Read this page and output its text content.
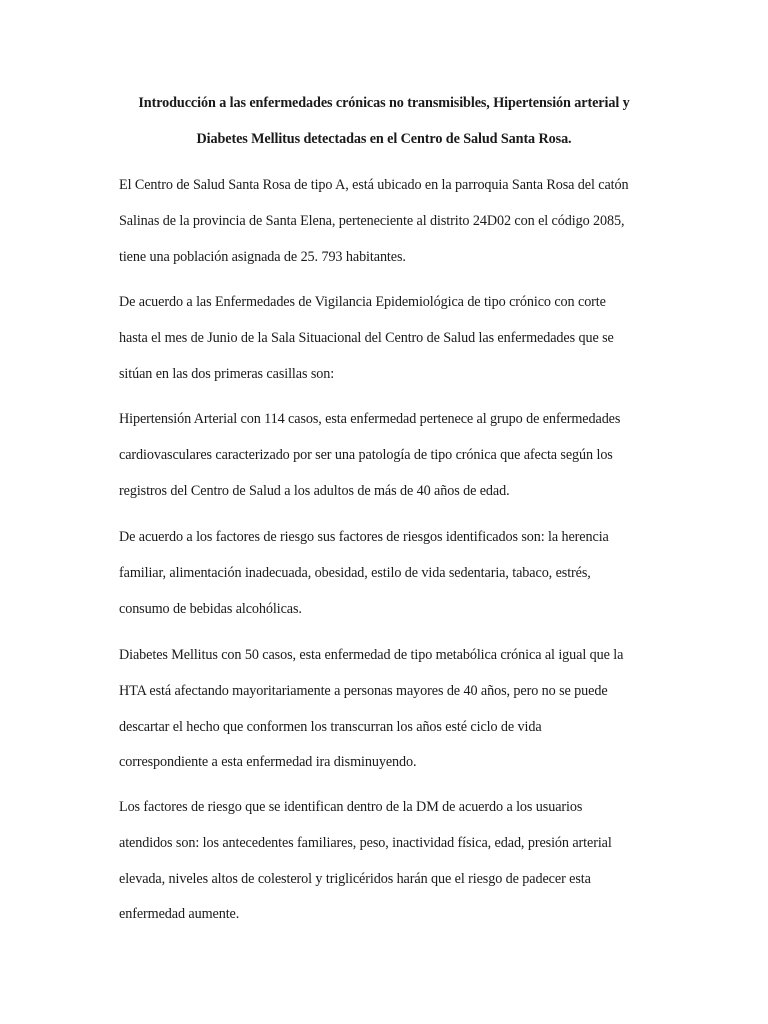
Introducción a las enfermedades crónicas no transmisibles, Hipertensión arterial y
Diabetes Mellitus detectadas en el Centro de Salud Santa Rosa.
El Centro de Salud Santa Rosa de tipo A, está ubicado en la parroquia Santa Rosa del catón
Salinas de la provincia de Santa Elena, perteneciente al distrito 24D02 con el código 2085,
tiene una población asignada de 25. 793 habitantes.
De acuerdo a las Enfermedades de Vigilancia Epidemiológica de tipo crónico con corte
hasta el mes de Junio de la Sala Situacional del Centro de Salud las enfermedades que se
sitúan en las dos primeras casillas son:
Hipertensión Arterial con 114 casos, esta enfermedad pertenece al grupo de enfermedades
cardiovasculares caracterizado por ser una patología de tipo crónica que afecta según los
registros del Centro de Salud a los adultos de más de 40 años de edad.
De acuerdo a los factores de riesgo sus factores de riesgos identificados son: la herencia
familiar, alimentación inadecuada, obesidad, estilo de vida sedentaria, tabaco, estrés,
consumo de bebidas alcohólicas.
Diabetes Mellitus con 50 casos, esta enfermedad de tipo metabólica crónica al igual que la
HTA está afectando mayoritariamente a personas mayores de 40 años, pero no se puede
descartar el hecho que conformen los transcurran los años esté ciclo de vida
correspondiente a esta enfermedad ira disminuyendo.
Los factores de riesgo que se identifican dentro de la DM de acuerdo a los usuarios
atendidos son: los antecedentes familiares, peso, inactividad física, edad, presión arterial
elevada, niveles altos de colesterol y triglicéridos harán que el riesgo de padecer esta
enfermedad aumente.
